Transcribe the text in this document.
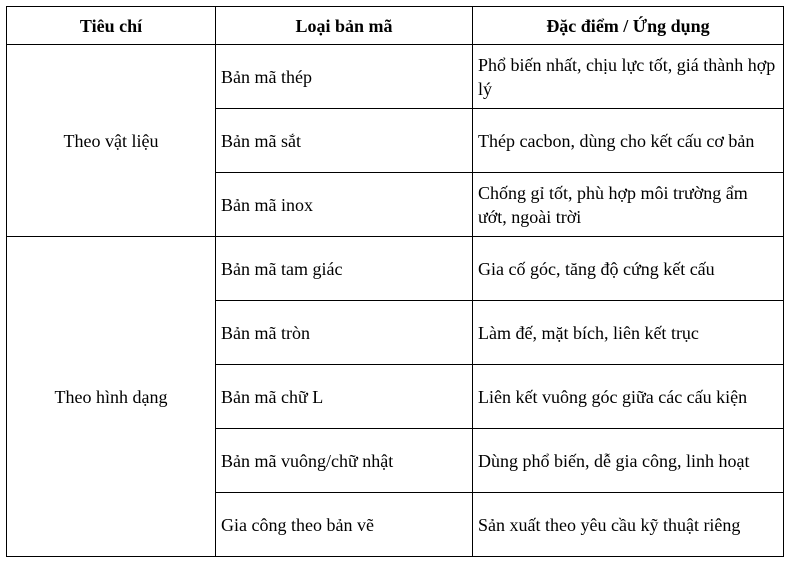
Tiêu chí	Loại bản mã	Đặc điểm / Ứng dụng
Theo vật liệu	Bản mã thép	Phổ biến nhất, chịu lực tốt, giá thành hợp lý
	Bản mã sắt	Thép cacbon, dùng cho kết cấu cơ bản
	Bản mã inox	Chống gỉ tốt, phù hợp môi trường ẩm ướt, ngoài trời
Theo hình dạng	Bản mã tam giác	Gia cố góc, tăng độ cứng kết cấu
	Bản mã tròn	Làm đế, mặt bích, liên kết trục
	Bản mã chữ L	Liên kết vuông góc giữa các cấu kiện
	Bản mã vuông/chữ nhật	Dùng phổ biến, dễ gia công, linh hoạt
	Gia công theo bản vẽ	Sản xuất theo yêu cầu kỹ thuật riêng
